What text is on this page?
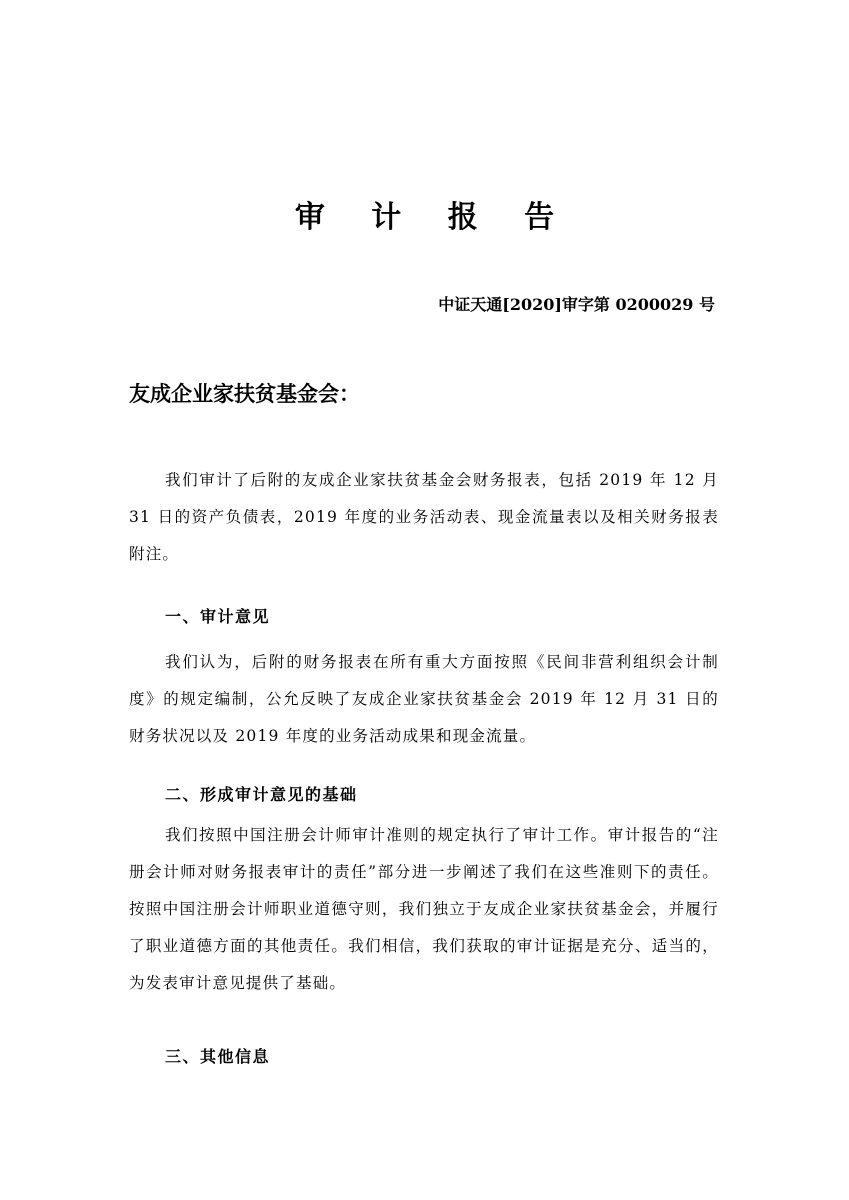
审 计 报 告
中证天通[2020]审字第 0200029 号
友成企业家扶贫基金会：

我们审计了后附的友成企业家扶贫基金会财务报表，包括 2019 年 12 月 31 日的资产负债表，2019 年度的业务活动表、现金流量表以及相关财务报表附注。

一、审计意见

我们认为，后附的财务报表在所有重大方面按照《民间非营利组织会计制度》的规定编制，公允反映了友成企业家扶贫基金会 2019 年 12 月 31 日的财务状况以及 2019 年度的业务活动成果和现金流量。

二、形成审计意见的基础

我们按照中国注册会计师审计准则的规定执行了审计工作。审计报告的“注册会计师对财务报表审计的责任”部分进一步阐述了我们在这些准则下的责任。按照中国注册会计师职业道德守则，我们独立于友成企业家扶贫基金会，并履行了职业道德方面的其他责任。我们相信，我们获取的审计证据是充分、适当的，为发表审计意见提供了基础。

三、其他信息
